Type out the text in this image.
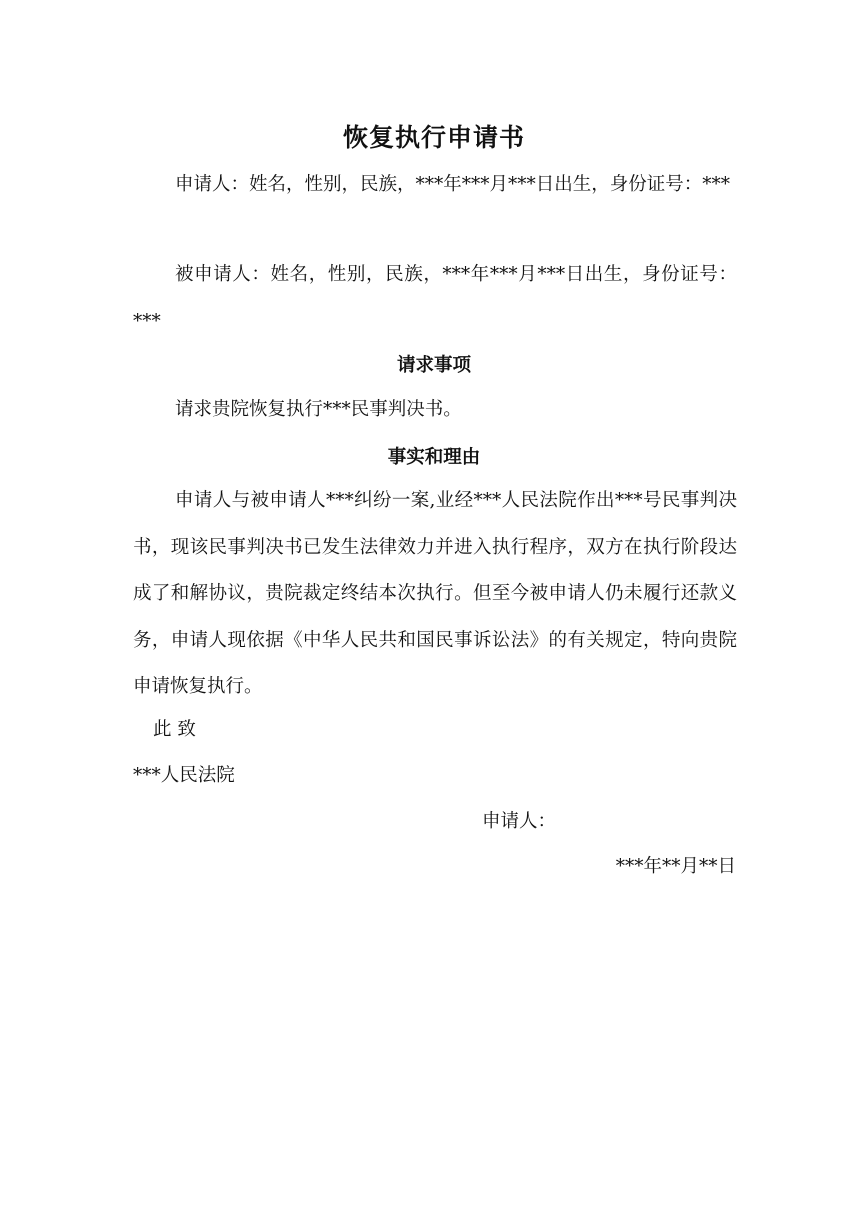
恢复执行申请书
申请人：姓名，性别，民族，***年***月***日出生，身份证号：***
被申请人：姓名，性别，民族，***年***月***日出生，身份证号：***
请求事项
请求贵院恢复执行***民事判决书。
事实和理由
申请人与被申请人***纠纷一案,业经***人民法院作出***号民事判决书，现该民事判决书已发生法律效力并进入执行程序，双方在执行阶段达成了和解协议，贵院裁定终结本次执行。但至今被申请人仍未履行还款义务，申请人现依据《中华人民共和国民事诉讼法》的有关规定，特向贵院申请恢复执行。
此 致
***人民法院
申请人：
***年**月**日
